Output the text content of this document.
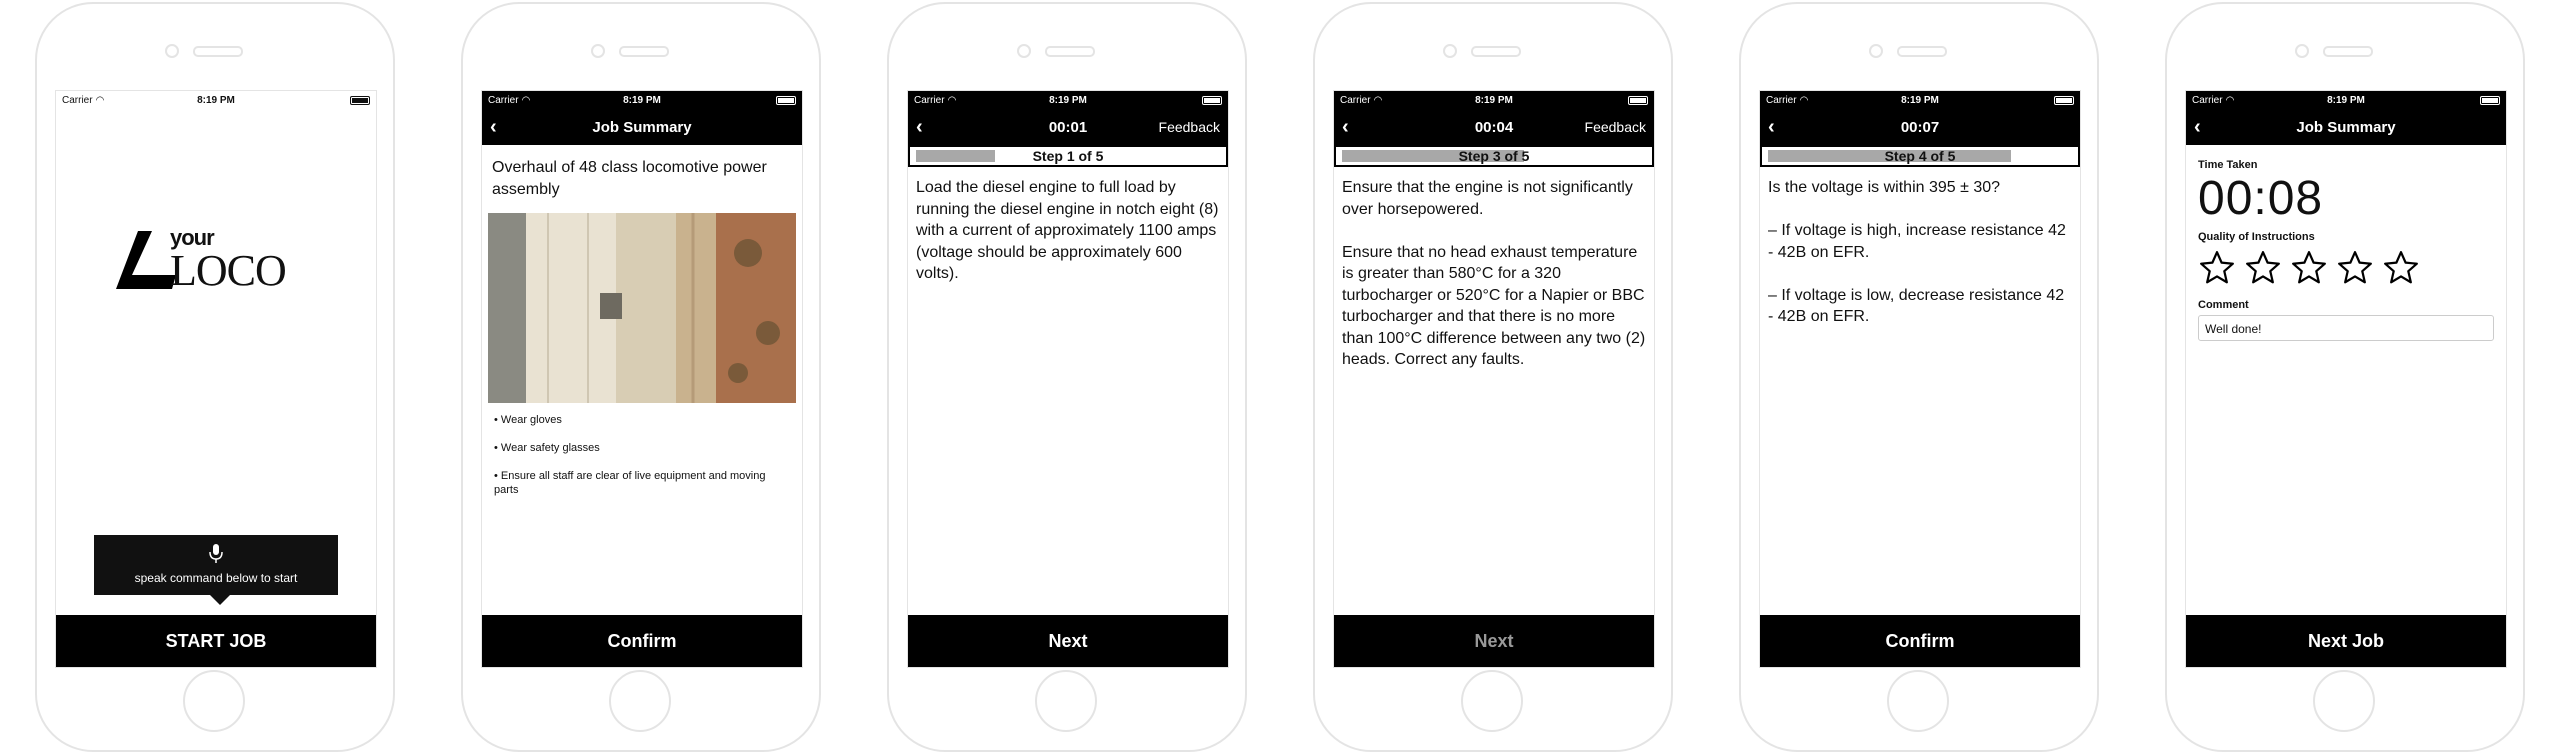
Carrier ◠	8:19 PM
your
LOCO
speak command below to start
START JOB
Carrier ◠	8:19 PM
‹	Job Summary
Overhaul of 48 class locomotive power assembly
• Wear gloves
• Wear safety glasses
• Ensure all staff are clear of live equipment and moving parts
Confirm
Carrier ◠	8:19 PM
‹	00:01	Feedback
Step 1 of 5
Load the diesel engine to full load by running the diesel engine in notch eight (8) with a current of approximately 1100 amps (voltage should be approximately 600 volts).
Next
Carrier ◠	8:19 PM
‹	00:04	Feedback
Step 3 of 5
Ensure that the engine is not significantly over horsepowered.

Ensure that no head exhaust temperature is greater than 580°C for a 320 turbocharger or 520°C for a Napier or BBC turbocharger and that there is no more than 100°C difference between any two (2) heads. Correct any faults.
Next
Carrier ◠	8:19 PM
‹	00:07
Step 4 of 5
Is the voltage is within 395 ± 30?

– If voltage is high, increase resistance 42 - 42B on EFR.

– If voltage is low, decrease resistance 42 - 42B on EFR.
Confirm
Carrier ◠	8:19 PM
‹	Job Summary
Time Taken
00:08
Quality of Instructions
Comment
Well done!
Next Job
